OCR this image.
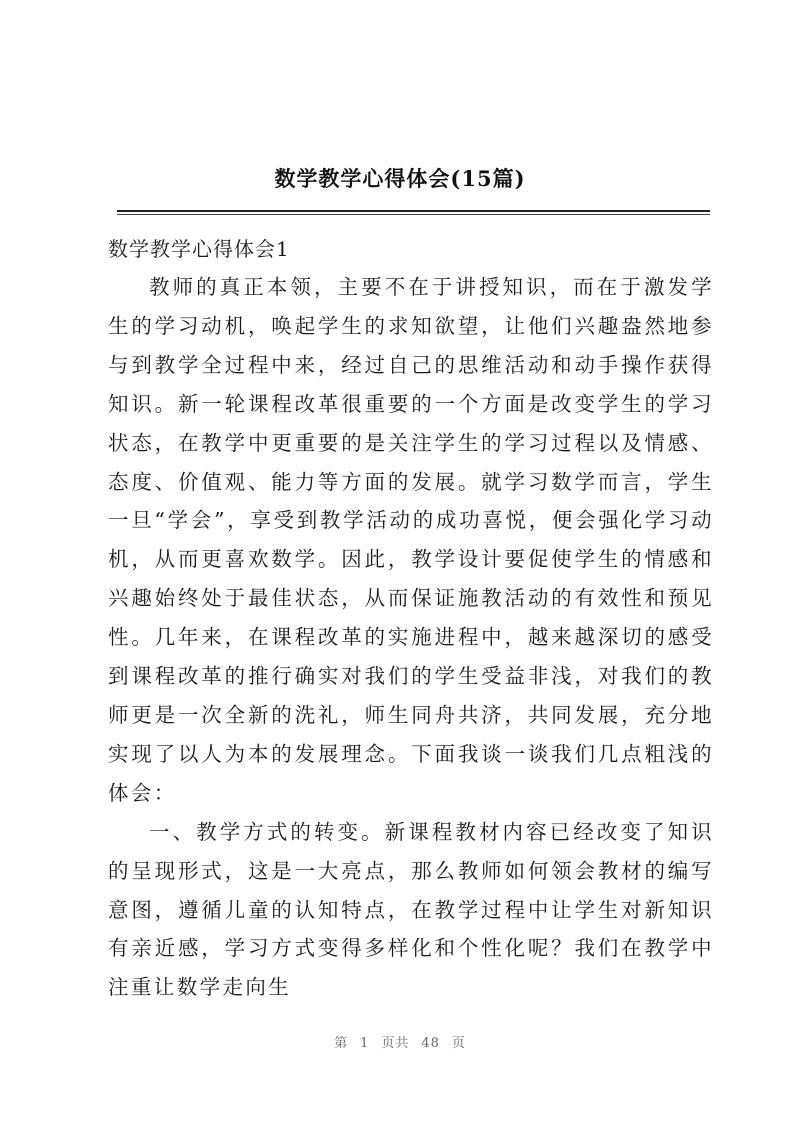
数学教学心得体会(15篇)
数学教学心得体会1

教师的真正本领，主要不在于讲授知识，而在于激发学生的学习动机，唤起学生的求知欲望，让他们兴趣盎然地参与到教学全过程中来，经过自己的思维活动和动手操作获得知识。新一轮课程改革很重要的一个方面是改变学生的学习状态，在教学中更重要的是关注学生的学习过程以及情感、态度、价值观、能力等方面的发展。就学习数学而言，学生一旦“学会”，享受到教学活动的成功喜悦，便会强化学习动机，从而更喜欢数学。因此，教学设计要促使学生的情感和兴趣始终处于最佳状态，从而保证施教活动的有效性和预见性。几年来，在课程改革的实施进程中，越来越深切的感受到课程改革的推行确实对我们的学生受益非浅，对我们的教师更是一次全新的洗礼，师生同舟共济，共同发展，充分地实现了以人为本的发展理念。下面我谈一谈我们几点粗浅的体会：

一、教学方式的转变。新课程教材内容已经改变了知识的呈现形式，这是一大亮点，那么教师如何领会教材的编写意图，遵循儿童的认知特点，在教学过程中让学生对新知识有亲近感，学习方式变得多样化和个性化呢？我们在教学中注重让数学走向生

第 1 页共 48 页
